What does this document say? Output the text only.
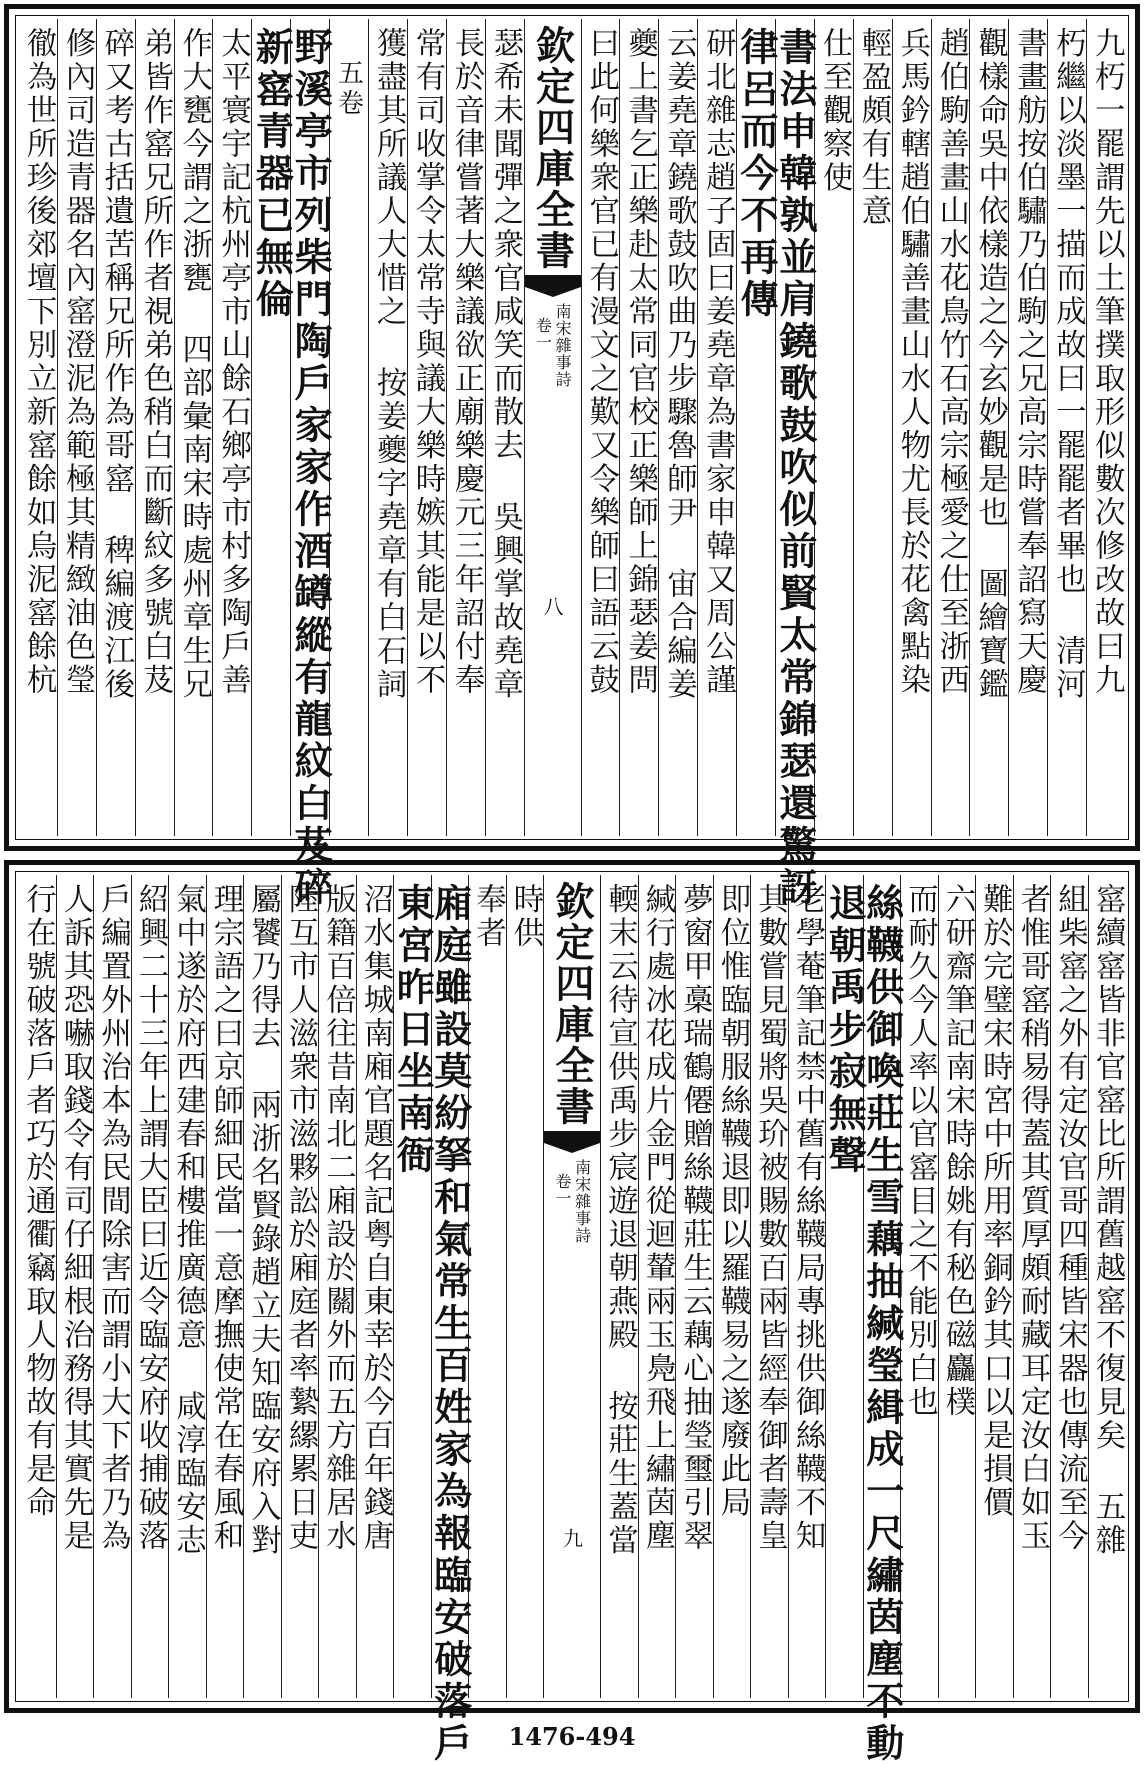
九朽一罷謂先以土筆撲取形似數次修改故曰九
朽繼以淡墨一描而成故曰一罷罷者畢也 清河
書畫舫按伯驌乃伯駒之兄高宗時嘗奉詔寫天慶
觀樣命吳中依樣造之今玄妙觀是也 圖繪寶鑑
趙伯駒善畫山水花鳥竹石高宗極愛之仕至浙西
兵馬鈐轄趙伯驌善畫山水人物尤長於花禽點染
輕盈頗有生意
仕至觀察使
書法申韓孰並肩鐃歌鼓吹似前賢太常錦瑟還驚訝
律呂而今不再傳
研北雜志趙子固曰姜堯章為書家申韓又周公謹
云姜堯章鐃歌鼓吹曲乃步驟魯師尹 宙合編姜
夔上書乞正樂赴太常同官校正樂師上錦瑟姜問
曰此何樂衆官已有漫文之歎又令樂師曰語云鼓
欽定四庫全書
南宋雜事詩
卷一
八
瑟希未聞彈之衆官咸笑而散去 吳興掌故堯章
長於音律嘗著大樂議欲正廟樂慶元三年詔付奉
常有司收掌令太常寺與議大樂時嫉其能是以不
獲盡其所議人大惜之 按姜夔字堯章有白石詞
五卷
野溪亭市列柴門陶戶家家作酒罇縱有龍紋白芨碎
新窰青器已無倫
太平寰宇記杭州亭市山餘石鄉亭市村多陶戶善
作大甕今謂之浙甕 四部彙南宋時處州章生兄
弟皆作窰兄所作者視弟色稍白而斷紋多號白芨
碎又考古括遺苦稱兄所作為哥窰 稗編渡江後
修內司造青器名內窰澄泥為範極其精緻油色瑩
徹為世所珍後郊壇下別立新窰餘如烏泥窰餘杭
窰續窰皆非官窰比所謂舊越窰不復見矣 五雜
組柴窰之外有定汝官哥四種皆宋器也傳流至今
者惟哥窰稍易得蓋其質厚頗耐藏耳定汝白如玉
難於完璧宋時宮中所用率銅鈐其口以是損價
六研齋筆記南宋時餘姚有秘色磁麤樸
而耐久今人率以官窰目之不能別白也
絲韈供御喚莊生雪藕抽緘瑩緝成一尺繡茵塵不動
退朝禹步寂無聲
老學菴筆記禁中舊有絲韈局專挑供御絲韈不知
其數嘗見蜀將吳玠被賜數百兩皆經奉御者壽皇
即位惟臨朝服絲韈退即以羅韈易之遂廢此局
夢窗甲槀瑞鶴僊贈絲韈莊生云藕心抽瑩璽引翠
緘行處冰花成片金門從迴輦兩玉鳧飛上繡茵塵
輭末云待宣供禹步宸遊退朝燕殿 按莊生蓋當
欽定四庫全書
南宋雜事詩
卷一
九
時供
奉者
廂庭雖設莫紛拏和氣常生百姓家為報臨安破落戶
東宮昨日坐南衙
沼水集城南廂官題名記粤自東幸於今百年錢唐
版籍百倍往昔南北二廂設於關外而五方雜居水
陸互市人滋衆市滋夥訟於廂庭者率縶縲累日吏
屬饕乃得去 兩浙名賢錄趙立夫知臨安府入對
理宗語之曰京師細民當一意摩撫使常在春風和
氣中遂於府西建春和樓推廣德意 咸淳臨安志
紹興二十三年上謂大臣曰近令臨安府收捕破落
戶編置外州治本為民間除害而謂小大下者乃為
人訴其恐嚇取錢令有司仔細根治務得其實先是
行在號破落戶者巧於通衢竊取人物故有是命
1476-494
